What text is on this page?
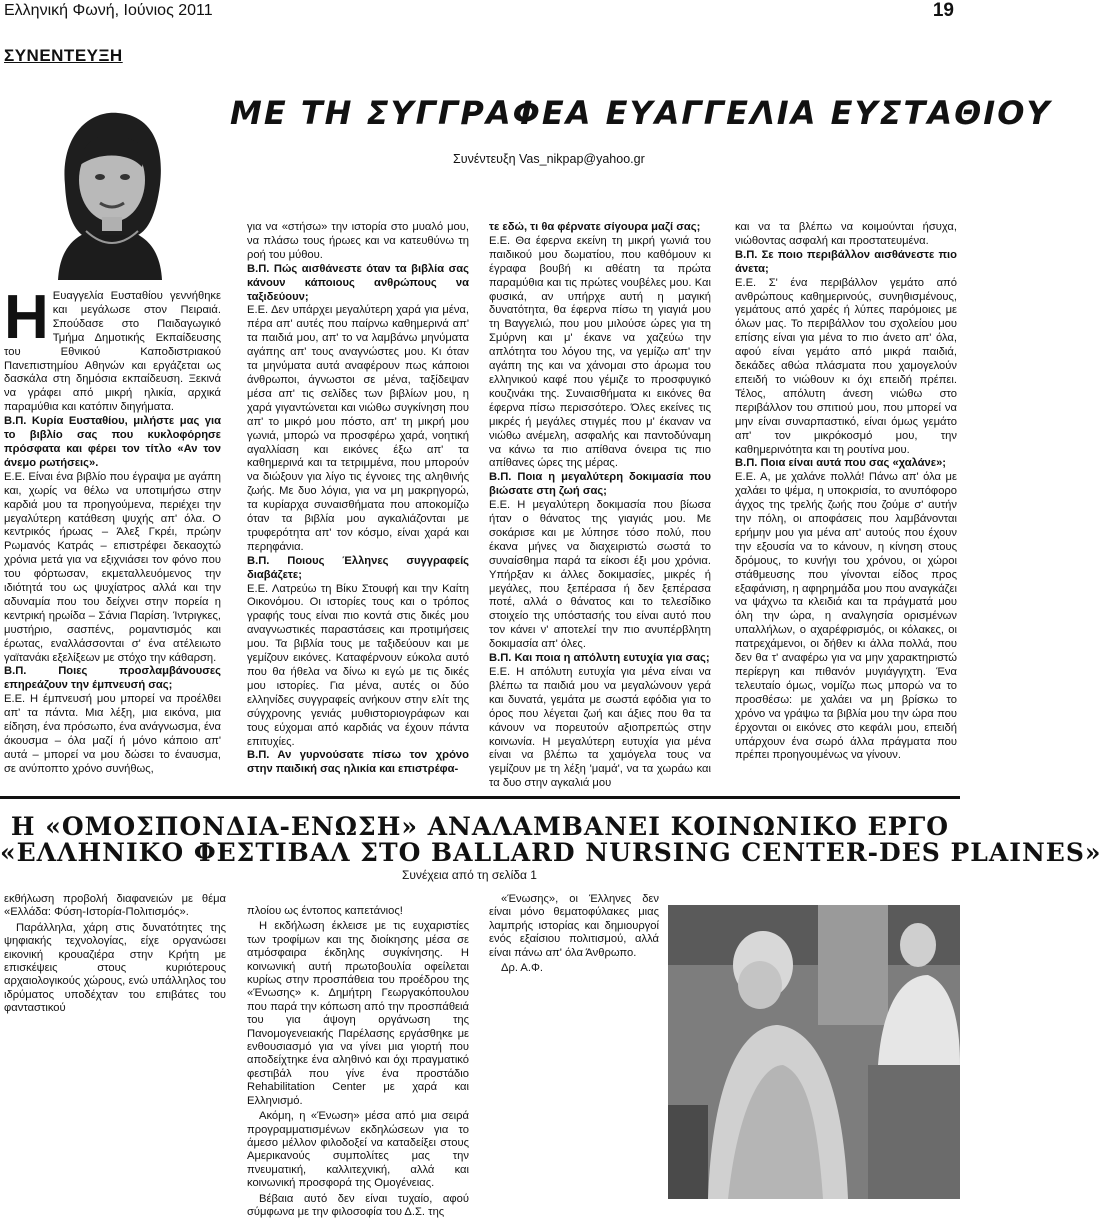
Ελληνική Φωνή, Ιούνιος 2011	19
ΣΥΝΕΝΤΕΥΞΗ
ΜΕ ΤΗ ΣΥΓΓΡΑΦΕΑ ΕΥΑΓΓΕΛΙΑ ΕΥΣΤΑΘΙΟΥ
Συνέντευξη Vas_nikpap@yahoo.gr
Η Ευαγγελία Ευσταθίου γεννήθηκε και μεγάλωσε στον Πειραιά. Σπούδασε στο Παιδαγωγικό Τμήμα Δημοτικής Εκπαίδευσης του Εθνικού Καποδιστριακού Πανεπιστημίου Αθηνών και εργάζεται ως δασκάλα στη δημόσια εκπαίδευση. Ξεκινά να γράφει από μικρή ηλικία, αρχικά παραμύθια και κατόπιν διηγήματα.

Β.Π. Κυρία Ευσταθίου, μιλήστε μας για το βιβλίο σας που κυκλοφόρησε πρόσφατα και φέρει τον τίτλο «Αν τον άνεμο ρωτήσεις».

Ε.Ε. Είναι ένα βιβλίο που έγραψα με αγάπη και, χωρίς να θέλω να υποτιμήσω στην καρδιά μου τα προηγούμενα, περιέχει την μεγαλύτερη κατάθεση ψυχής απ' όλα. Ο κεντρικός ήρωας – Άλεξ Γκρέι, πρώην Ρωμανός Κατράς – επιστρέφει δεκαοχτώ χρόνια μετά για να εξιχνιάσει τον φόνο που του φόρτωσαν, εκμεταλλευόμενος την ιδιότητά του ως ψυχίατρος αλλά και την αδυναμία που του δείχνει στην πορεία η κεντρική ηρωίδα – Σάνια Παρίση. Ίντριγκες, μυστήριο, σασπένς, ρομαντισμός και έρωτας, εναλλάσσονται σ' ένα ατέλειωτο γαϊτανάκι εξελίξεων με στόχο την κάθαρση.

Β.Π. Ποιες προσλαμβάνουσες επηρεάζουν την έμπνευσή σας;

Ε.Ε. Η έμπνευσή μου μπορεί να προέλθει απ' τα πάντα. Μια λέξη, μια εικόνα, μια είδηση, ένα πρόσωπο, ένα ανάγνωσμα, ένα άκουσμα – όλα μαζί ή μόνο κάποιο απ' αυτά – μπορεί να μου δώσει το έναυσμα, σε ανύποπτο χρόνο συνήθως,

για να «στήσω» την ιστορία στο μυαλό μου, να πλάσω τους ήρωες και να κατευθύνω τη ροή του μύθου.

Β.Π. Πώς αισθάνεστε όταν τα βιβλία σας κάνουν κάποιους ανθρώπους να ταξιδεύουν;

Ε.Ε. Δεν υπάρχει μεγαλύτερη χαρά για μένα, πέρα απ' αυτές που παίρνω καθημερινά απ' τα παιδιά μου, απ' το να λαμβάνω μηνύματα αγάπης απ' τους αναγνώστες μου. Κι όταν τα μηνύματα αυτά αναφέρουν πως κάποιοι άνθρωποι, άγνωστοι σε μένα, ταξίδεψαν μέσα απ' τις σελίδες των βιβλίων μου, η χαρά γιγαντώνεται και νιώθω συγκίνηση που απ' το μικρό μου πόστο, απ' τη μικρή μου γωνιά, μπορώ να προσφέρω χαρά, νοητική αγαλλίαση και εικόνες έξω απ' τα καθημερινά και τα τετριμμένα, που μπορούν να διώξουν για λίγο τις έγνοιες της αληθινής ζωής. Με δυο λόγια, για να μη μακρηγορώ, τα κυρίαρχα συναισθήματα που αποκομίζω όταν τα βιβλία μου αγκαλιάζονται με τρυφερότητα απ' τον κόσμο, είναι χαρά και περηφάνια.

Β.Π. Ποιους Έλληνες συγγραφείς διαβάζετε;

Ε.Ε. Λατρεύω τη Βίκυ Στουφή και την Καίτη Οικονόμου. Οι ιστορίες τους και ο τρόπος γραφής τους είναι πιο κοντά στις δικές μου αναγνωστικές παραστάσεις και προτιμήσεις μου. Τα βιβλία τους με ταξιδεύουν και με γεμίζουν εικόνες. Καταφέρνουν εύκολα αυτό που θα ήθελα να δίνω κι εγώ με τις δικές μου ιστορίες. Για μένα, αυτές οι δύο ελληνίδες συγγραφείς ανήκουν στην ελίτ της σύγχρονης γενιάς μυθιστοριογράφων και τους εύχομαι από καρδιάς να έχουν πάντα επιτυχίες.

Β.Π. Αν γυρνούσατε πίσω τον χρόνο στην παιδική σας ηλικία και επιστρέφα-

τε εδώ, τι θα φέρνατε σίγουρα μαζί σας;

Ε.Ε. Θα έφερνα εκείνη τη μικρή γωνιά του παιδικού μου δωματίου, που καθόμουν κι έγραφα βουβή κι αθέατη τα πρώτα παραμύθια και τις πρώτες νουβέλες μου. Και φυσικά, αν υπήρχε αυτή η μαγική δυνατότητα, θα έφερνα πίσω τη γιαγιά μου τη Βαγγελιώ, που μου μιλούσε ώρες για τη Σμύρνη και μ' έκανε να χαζεύω την απλότητα του λόγου της, να γεμίζω απ' την αγάπη της και να χάνομαι στο άρωμα του ελληνικού καφέ που γέμιζε το προσφυγικό κουζινάκι της. Συναισθήματα κι εικόνες θα έφερνα πίσω περισσότερο. Όλες εκείνες τις μικρές ή μεγάλες στιγμές που μ' έκαναν να νιώθω ανέμελη, ασφαλής και παντοδύναμη να κάνω τα πιο απίθανα όνειρα τις πιο απίθανες ώρες της μέρας.

Β.Π. Ποια η μεγαλύτερη δοκιμασία που βιώσατε στη ζωή σας;

Ε.Ε. Η μεγαλύτερη δοκιμασία που βίωσα ήταν ο θάνατος της γιαγιάς μου. Με σοκάρισε και με λύπησε τόσο πολύ, που έκανα μήνες να διαχειριστώ σωστά το συναίσθημα παρά τα είκοσι έξι μου χρόνια. Υπήρξαν κι άλλες δοκιμασίες, μικρές ή μεγάλες, που ξεπέρασα ή δεν ξεπέρασα ποτέ, αλλά ο θάνατος και το τελεσίδικο στοιχείο της υπόστασής του είναι αυτό που τον κάνει ν' αποτελεί την πιο ανυπέρβλητη δοκιμασία απ' όλες.

Β.Π. Και ποια η απόλυτη ευτυχία για σας;

Ε.Ε. Η απόλυτη ευτυχία για μένα είναι να βλέπω τα παιδιά μου να μεγαλώνουν γερά και δυνατά, γεμάτα με σωστά εφόδια για το όρος που λέγεται ζωή και άξιες που θα τα κάνουν να πορευτούν αξιοπρεπώς στην κοινωνία. Η μεγαλύτερη ευτυχία για μένα είναι να βλέπω τα χαμόγελα τους να γεμίζουν με τη λέξη 'μαμά', να τα χωράω και τα δυο στην αγκαλιά μου

και να τα βλέπω να κοιμούνται ήσυχα, νιώθοντας ασφαλή και προστατευμένα.

Β.Π. Σε ποιο περιβάλλον αισθάνεστε πιο άνετα;

Ε.Ε. Σ' ένα περιβάλλον γεμάτο από ανθρώπους καθημερινούς, συνηθισμένους, γεμάτους από χαρές ή λύπες παρόμοιες με όλων μας. Το περιβάλλον του σχολείου μου επίσης είναι για μένα το πιο άνετο απ' όλα, αφού είναι γεμάτο από μικρά παιδιά, δεκάδες αθώα πλάσματα που χαμογελούν επειδή το νιώθουν κι όχι επειδή πρέπει. Τέλος, απόλυτη άνεση νιώθω στο περιβάλλον του σπιτιού μου, που μπορεί να μην είναι συναρπαστικό, είναι όμως γεμάτο απ' τον μικρόκοσμό μου, την καθημερινότητα και τη ρουτίνα μου.

Β.Π. Ποια είναι αυτά που σας «χαλάνε»;

Ε.Ε. Α, με χαλάνε πολλά! Πάνω απ' όλα με χαλάει το ψέμα, η υποκρισία, το ανυπόφορο άγχος της τρελής ζωής που ζούμε σ' αυτήν την πόλη, οι αποφάσεις που λαμβάνονται ερήμην μου για μένα απ' αυτούς που έχουν την εξουσία να το κάνουν, η κίνηση στους δρόμους, το κυνήγι του χρόνου, οι χώροι στάθμευσης που γίνονται είδος προς εξαφάνιση, η αφηρημάδα μου που αναγκάζει να ψάχνω τα κλειδιά και τα πράγματά μου όλη την ώρα, η αναλγησία ορισμένων υπαλλήλων, ο αχαρέφρισμός, οι κόλακες, οι πατρεχάμενοι, οι δήθεν κι άλλα πολλά, που δεν θα τ' αναφέρω για να μην χαρακτηριστώ περίεργη και πιθανόν μυγιάγγιχτη. Ένα τελευταίο όμως, νομίζω πως μπορώ να το προσθέσω: με χαλάει να μη βρίσκω το χρόνο να γράψω τα βιβλία μου την ώρα που έρχονται οι εικόνες στο κεφάλι μου, επειδή υπάρχουν ένα σωρό άλλα πράγματα που πρέπει προηγουμένως να γίνουν.

Η «ΟΜΟΣΠΟΝΔΙΑ-ΕΝΩΣΗ» ΑΝΑΛΑΜΒΑΝΕΙ ΚΟΙΝΩΝΙΚΟ ΕΡΓΟ
«ΕΛΛΗΝΙΚΟ ΦΕΣΤΙΒΑΛ ΣΤΟ BALLARD NURSING CENTER-DES PLAINES»
Συνέχεια από τη σελίδα 1

εκθήλωση προβολή διαφανειών με θέμα «Ελλάδα: Φύση-Ιστορία-Πολιτισμός».

Παράλληλα, χάρη στις δυνατότητες της ψηφιακής τεχνολογίας, είχε οργανώσει εικονική κρουαζιέρα στην Κρήτη με επισκέψεις στους κυριότερους αρχαιολογικούς χώρους, ενώ υπάλληλος του ιδρύματος υποδέχταν του επιβάτες του φανταστικού

πλοίου ως έντοπος καπετάνιος!

Η εκδήλωση έκλεισε με τις ευχαριστίες των τροφίμων και της διοίκησης μέσα σε ατμόσφαιρα έκδηλης συγκίνησης. Η κοινωνική αυτή πρωτοβουλία οφείλεται κυρίως στην προσπάθεια του προέδρου της «Ένωσης» κ. Δημήτρη Γεωργακόπουλου που παρά την κόπωση από την προσπάθειά του για άψογη οργάνωση της Πανομογενειακής Παρέλασης εργάσθηκε με ενθουσιασμό για να γίνει μια γιορτή που αποδείχτηκε ένα αληθινό και όχι πραγματικό φεστιβάλ που γίνε ένα προστάδιο Rehabilitation Center με χαρά και Ελληνισμό.

Ακόμη, η «Ένωση» μέσα από μια σειρά προγραμματισμένων εκδηλώσεων για το άμεσο μέλλον φιλοδοξεί να καταδείξει στους Αμερικανούς συμπολίτες μας την πνευματική, καλλιτεχνική, αλλά και κοινωνική προσφορά της Ομογένειας.

Βέβαια αυτό δεν είναι τυχαίο, αφού σύμφωνα με την φιλοσοφία του Δ.Σ. της

«Ένωσης», οι Έλληνες δεν είναι μόνο θεματοφύλακες μιας λαμπρής ιστορίας και δημιουργοί ενός εξαίσιου πολιτισμού, αλλά είναι πάνω απ' όλα Άνθρωπο.

Δρ. Α.Φ.
